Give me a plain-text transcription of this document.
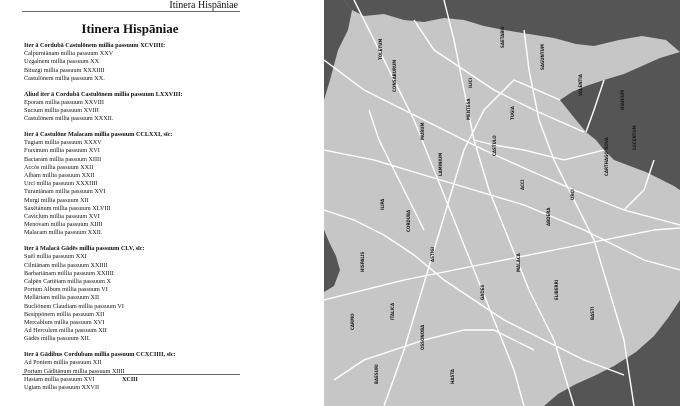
Itinera Hispāniae
Itinera Hispāniae
Iter ā Cordubā Castulōnem millia passuum XCVIIII:
Calpurniānam millia passuum XXV
Uzgalnem millia passuum XX
Bituzgi millia passuum XXXIIII
Castulōnem millia passuum XX.
Aliud iter ā Cordubā Castulōnem millia passuum LXXVIII:
Eporam millia passuum XXVIII
Sucium millia passuum XVIII
Castulōnem millia passuum XXXII.
Iter ā Castulōne Malacam millia passuum CCLXXI, sīc:
Tugiam millia passuum XXXV
Fraxinum millia passuum XVI
Bactaram millia passuum XIIII
Accōs millia passuum XXII
Albam millia passuum XXII
Urci millia passuum XXXIIII
Turaniānam millia passuum XVI
Murgi millia passuum XII
Saxētānum millia passuum XLVIII
Caviclum millia passuum XVI
Menovam millia passuum XIIII
Malacam millia passuum XXII.
Iter ā Malacā Gādēs millia passuum CLV, sīc:
Suēl millia passuum XXI
Cilniānam millia passuum XXIIII
Barbariānam millia passuum XXIIII
Calpēn Cartēiam millia passuum X
Portum Album millia passuum VI
Mellāriam millia passuum XII
Bucliōnem Claudiam millia passuum VI
Besippōnem millia passuum XII
Mercablum millia passuum XVI
Ad Herculem millia passuum XII
Gādēs millia passuum XII.
Iter ā Gādibus Cordubam millia passuum CCXCIIII, sīc:
Ad Pontem millia passuum XII
Portum Gāditānum millia passuum XIIII
Hastam millia passuum XVI
Ugiam millia passuum XXVII
XCIII
TOLETUM
CONSABURUM
MURUM
LAMINIUM
MENTESA
CASTULO
ILIPA
CORDUBA
HISPALIS	ASTIGI
ITALICA
CARMO
OSSONOBA
BAESURI	HASTA
GADES
MALACA
ABDERA
URCI
CARTHAGO NOVA	LUCENTUM
DIANIUM
VALENTIA
SAGUNTUM
SAETABIS
ILICI
ACCI
ELIBERRI
BASTI
TUGIA
